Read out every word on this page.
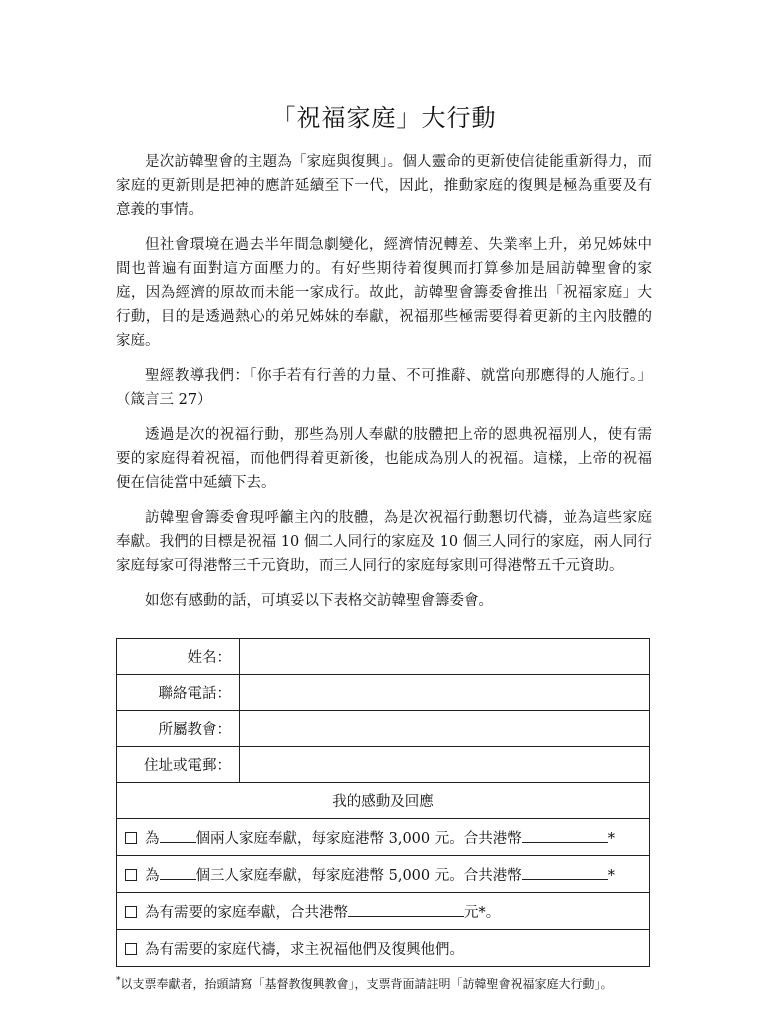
「祝福家庭」大行動

是次訪韓聖會的主題為「家庭與復興」。個人靈命的更新使信徒能重新得力，而家庭的更新則是把神的應許延續至下一代，因此，推動家庭的復興是極為重要及有意義的事情。

但社會環境在過去半年間急劇變化，經濟情況轉差、失業率上升，弟兄姊妹中間也普遍有面對這方面壓力的。有好些期待着復興而打算參加是屆訪韓聖會的家庭，因為經濟的原故而未能一家成行。故此，訪韓聖會籌委會推出「祝福家庭」大行動，目的是透過熱心的弟兄姊妹的奉獻，祝福那些極需要得着更新的主內肢體的家庭。

聖經教導我們：「你手若有行善的力量、不可推辭、就當向那應得的人施行。」（箴言三 27）

透過是次的祝福行動，那些為別人奉獻的肢體把上帝的恩典祝福別人，使有需要的家庭得着祝福，而他們得着更新後，也能成為別人的祝福。這樣，上帝的祝福便在信徒當中延續下去。

訪韓聖會籌委會現呼籲主內的肢體，為是次祝福行動懇切代禱，並為這些家庭奉獻。我們的目標是祝福 10 個二人同行的家庭及 10 個三人同行的家庭，兩人同行家庭每家可得港幣三千元資助，而三人同行的家庭每家則可得港幣五千元資助。

如您有感動的話，可填妥以下表格交訪韓聖會籌委會。

姓名：	
聯絡電話：	
所屬教會：	
住址或電郵：	
我的感動及回應	
為 個兩人家庭奉獻，每家庭港幣 3,000 元。合共港幣 *	
為 個三人家庭奉獻，每家庭港幣 5,000 元。合共港幣 *	
為有需要的家庭奉獻，合共港幣 元*。	
為有需要的家庭代禱，求主祝福他們及復興他們。	
*以支票奉獻者，抬頭請寫「基督教復興教會」，支票背面請註明「訪韓聖會祝福家庭大行動」。
